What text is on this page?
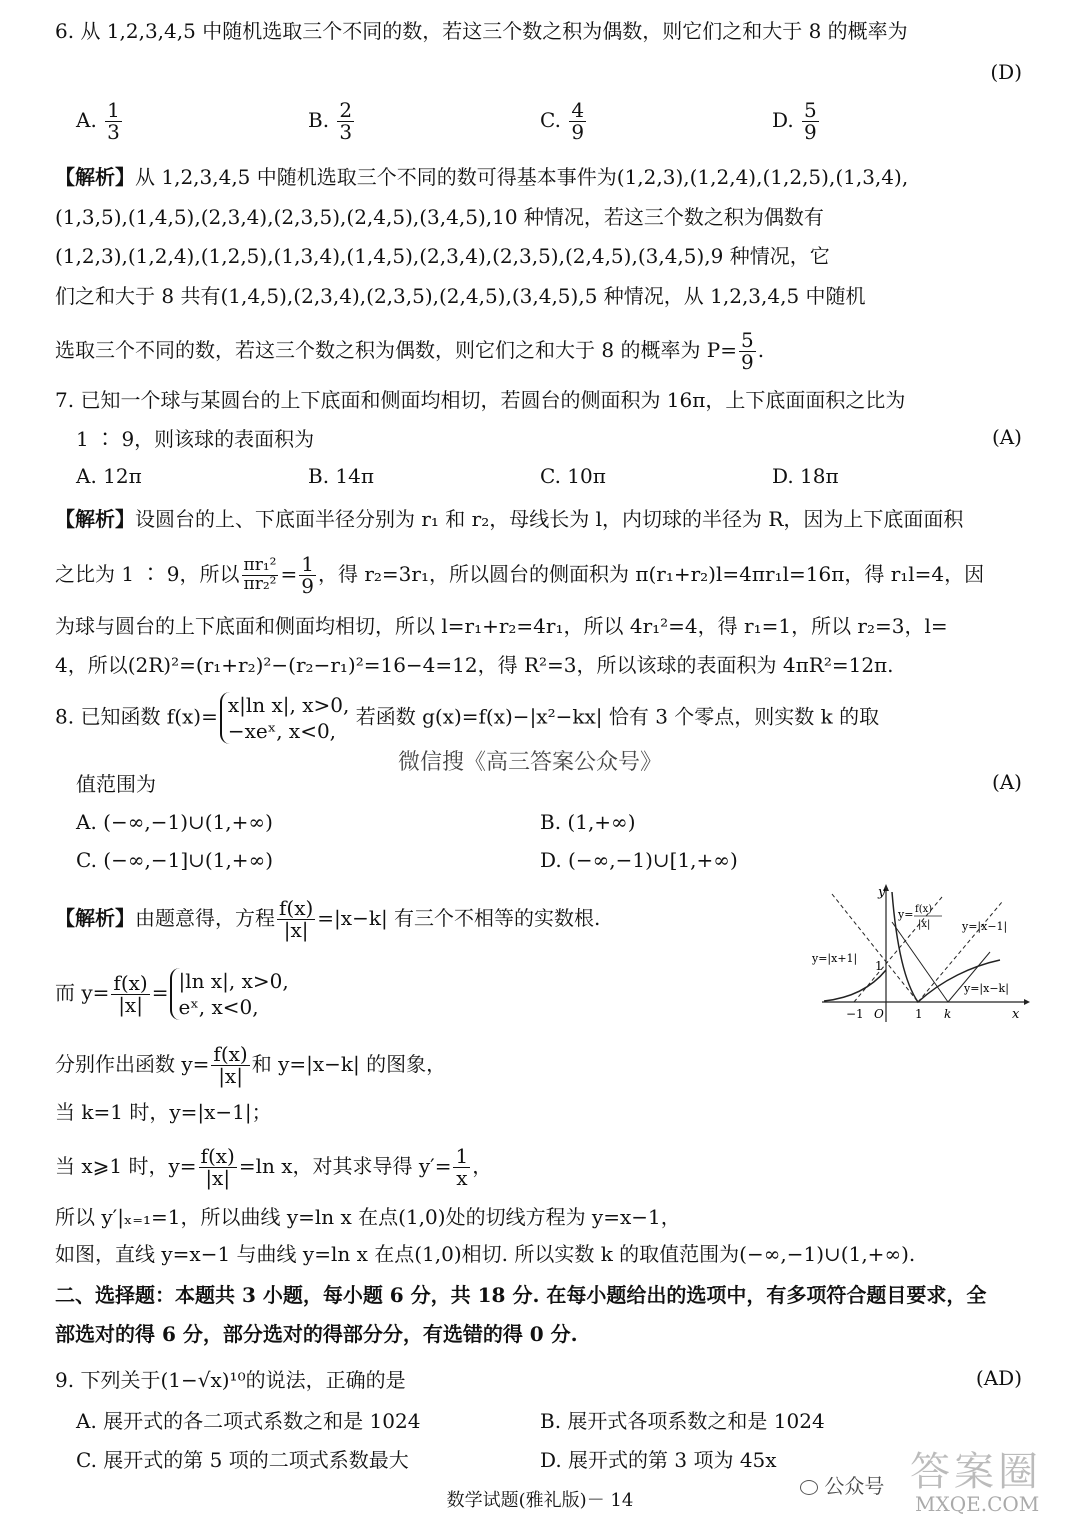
6. 从 1,2,3,4,5 中随机选取三个不同的数，若这三个数之积为偶数，则它们之和大于 8 的概率为
(D)
A. $\frac{1}{3}$	B. $\frac{2}{3}$	C. $\frac{4}{9}$	D. $\frac{5}{9}$
【解析】从 1,2,3,4,5 中随机选取三个不同的数可得基本事件为(1,2,3),(1,2,4),(1,2,5),(1,3,4),
(1,3,5),(1,4,5),(2,3,4),(2,3,5),(2,4,5),(3,4,5),10 种情况，若这三个数之积为偶数有
(1,2,3),(1,2,4),(1,2,5),(1,3,4),(1,4,5),(2,3,4),(2,3,5),(2,4,5),(3,4,5),9 种情况，它
们之和大于 8 共有(1,4,5),(2,3,4),(2,3,5),(2,4,5),(3,4,5),5 种情况，从 1,2,3,4,5 中随机
选取三个不同的数，若这三个数之积为偶数，则它们之和大于 8 的概率为 $P= \frac{5}{9}$ .
7. 已知一个球与某圆台的上下底面和侧面均相切，若圆台的侧面积为 16π，上下底面面积之比为
1 ∶ 9，则该球的表面积为	(A)
A. 12π	B. 14π	C. 10π	D. 18π
【解析】设圆台的上、下底面半径分别为 r₁ 和 r₂，母线长为 l，内切球的半径为 R，因为上下底面面积
之比为 1 ∶ 9，所以 $\frac{\text{πr₁²}}{\text{πr₂²}} = \frac{1}{9}$ ，得 r₂=3r₁，所以圆台的侧面积为 π(r₁+r₂)l=4πr₁l=16π，得 r₁l=4，因
为球与圆台的上下底面和侧面均相切，所以 l=r₁+r₂=4r₁，所以 4r₁²=4，得 r₁=1，所以 r₂=3，l=
4，所以(2R)²=(r₁+r₂)²−(r₂−r₁)²=16−4=12，得 R²=3，所以该球的表面积为 4πR²=12π.
8. 已知函数 f(x)= x|ln x|, x>0,
−xeˣ, x<0, 若函数 g(x)=f(x)−|x²−kx| 恰有 3 个零点，则实数 k 的取
微信搜《高三答案公众号》
值范围为	(A)
A. (−∞,−1)∪(1,+∞)	B. (1,+∞)
C. (−∞,−1]∪(1,+∞)	D. (−∞,−1)∪[1,+∞)
【解析】由题意得，方程 $\frac{f(x)}{|x|} =|x-k|$ 有三个不相等的实数根.
而 $y= \frac{f(x)}{|x|} = |\ln$ x|, x>0,
eˣ, x<0,
分别作出函数 $y= \frac{f(x)}{|x|}$ 和 y=|x−k| 的图象，
当 k=1 时，y=|x−1|；
当 x⩾1 时，$y= \frac{f(x)}{|x|} =\ln$ x，对其求导得 $y'= \frac{1}{x}$ ，
所以 y′|ₓ₌₁=1，所以曲线 y=ln x 在点(1,0)处的切线方程为 y=x−1，
如图，直线 y=x−1 与曲线 y=ln x 在点(1,0)相切. 所以实数 k 的取值范围为(−∞,−1)∪(1,+∞).
y
x
−1 O	1 k
1
y= f(x)
|x|	y=|x−1|
y=|x+1|
y=|x−k|
二、选择题：本题共 3 小题，每小题 6 分，共 18 分. 在每小题给出的选项中，有多项符合题目要求，全
部选对的得 6 分，部分选对的得部分分，有选错的得 0 分.
9. 下列关于(1−√x)¹⁰的说法，正确的是	(AD)
A. 展开式的各二项式系数之和是 1024	B. 展开式各项系数之和是 1024
C. 展开式的第 5 项的二项式系数最大	D. 展开式的第 3 项为 45x
公众号 答案圈
MXQE.COM
数学试题(雅礼版)－ 14
